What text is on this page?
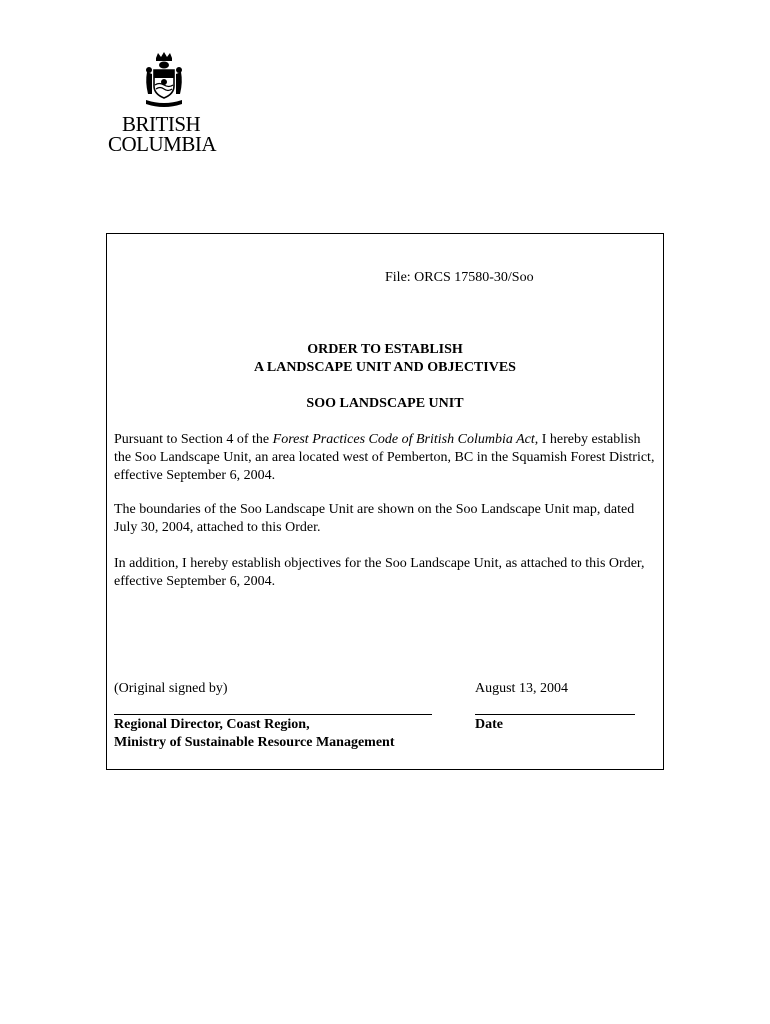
BRITISH
COLUMBIA
File: ORCS 17580-30/Soo
ORDER TO ESTABLISH
A LANDSCAPE UNIT AND OBJECTIVES
SOO LANDSCAPE UNIT
Pursuant to Section 4 of the Forest Practices Code of British Columbia Act, I hereby establish the Soo Landscape Unit, an area located west of Pemberton, BC in the Squamish Forest District, effective September 6, 2004.
The boundaries of the Soo Landscape Unit are shown on the Soo Landscape Unit map, dated July 30, 2004, attached to this Order.
In addition, I hereby establish objectives for the Soo Landscape Unit, as attached to this Order, effective September 6, 2004.
(Original signed by)	August 13, 2004
Regional Director, Coast Region,
Ministry of Sustainable Resource Management
Date
